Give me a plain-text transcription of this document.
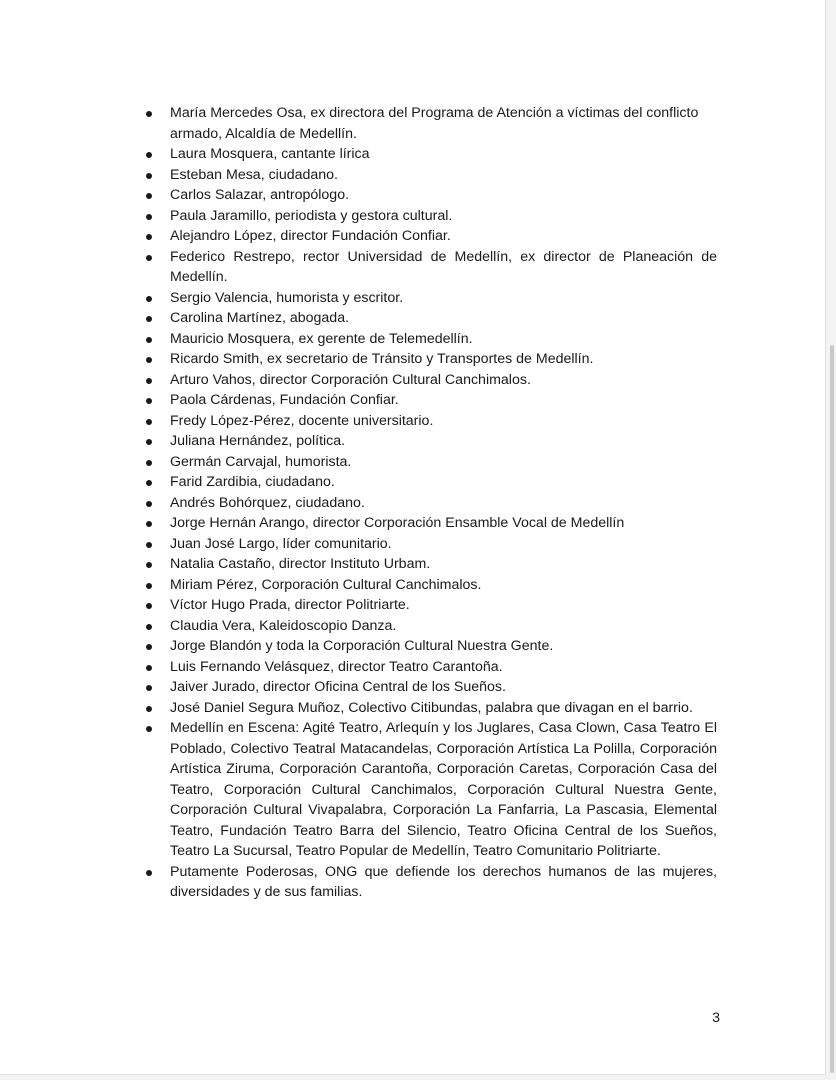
María Mercedes Osa, ex directora del Programa de Atención a víctimas del conflicto armado, Alcaldía de Medellín.
Laura Mosquera, cantante lírica
Esteban Mesa, ciudadano.
Carlos Salazar, antropólogo.
Paula Jaramillo, periodista y gestora cultural.
Alejandro López, director Fundación Confiar.
Federico Restrepo, rector Universidad de Medellín, ex director de Planeación de Medellín.
Sergio Valencia, humorista y escritor.
Carolina Martínez, abogada.
Mauricio Mosquera, ex gerente de Telemedellín.
Ricardo Smith, ex secretario de Tránsito y Transportes de Medellín.
Arturo Vahos, director Corporación Cultural Canchimalos.
Paola Cárdenas, Fundación Confiar.
Fredy López-Pérez, docente universitario.
Juliana Hernández, política.
Germán Carvajal, humorista.
Farid Zardibia, ciudadano.
Andrés Bohórquez, ciudadano.
Jorge Hernán Arango, director Corporación Ensamble Vocal de Medellín
Juan José Largo, líder comunitario.
Natalia Castaño, director Instituto Urbam.
Miriam Pérez, Corporación Cultural Canchimalos.
Víctor Hugo Prada, director Politriarte.
Claudia Vera, Kaleidoscopio Danza.
Jorge Blandón y toda la Corporación Cultural Nuestra Gente.
Luis Fernando Velásquez, director Teatro Carantoña.
Jaiver Jurado, director Oficina Central de los Sueños.
José Daniel Segura Muñoz, Colectivo Citibundas, palabra que divagan en el barrio.
Medellín en Escena: Agité Teatro, Arlequín y los Juglares, Casa Clown, Casa Teatro El Poblado, Colectivo Teatral Matacandelas, Corporación Artística La Polilla, Corporación Artística Ziruma, Corporación Carantoña, Corporación Caretas, Corporación Casa del Teatro, Corporación Cultural Canchimalos, Corporación Cultural Nuestra Gente, Corporación Cultural Vivapalabra, Corporación La Fanfarria, La Pascasia, Elemental Teatro, Fundación Teatro Barra del Silencio, Teatro Oficina Central de los Sueños, Teatro La Sucursal, Teatro Popular de Medellín, Teatro Comunitario Politriarte.
Putamente Poderosas, ONG que defiende los derechos humanos de las mujeres, diversidades y de sus familias.
3
